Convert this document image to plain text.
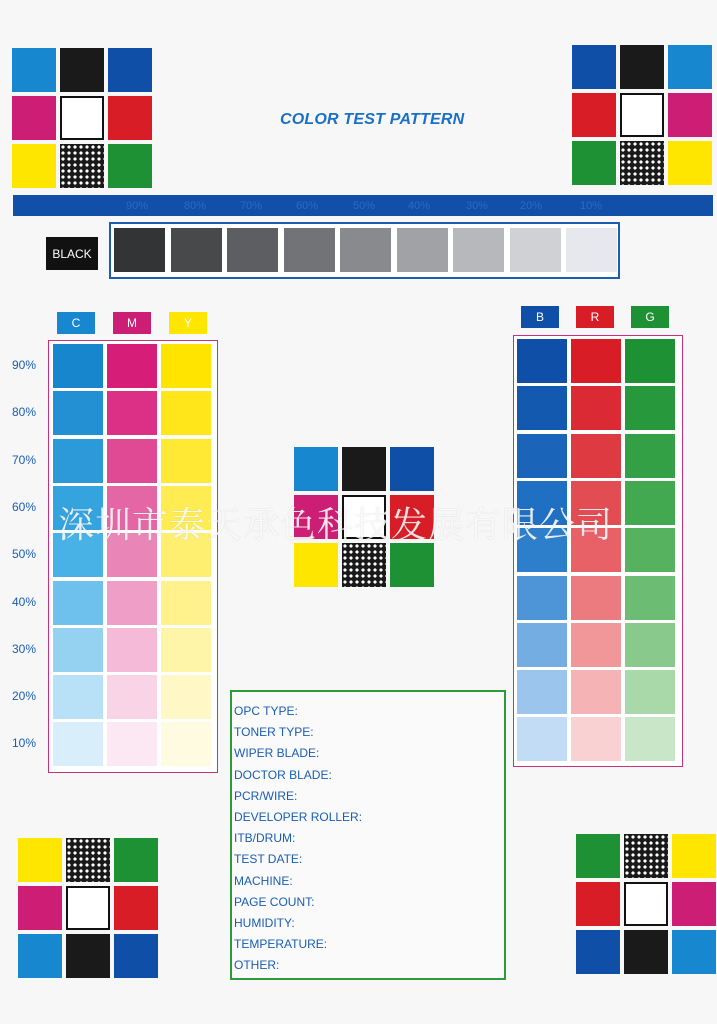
COLOR TEST PATTERN
90%	80%	70%	60%	50%	40%	30%	20%	10%
BLACK
C	M	Y
90%
80%
70%
60%
50%
40%
30%
20%
10%
B	R	G
OPC TYPE:
TONER TYPE:
WIPER BLADE:
DOCTOR BLADE:
PCR/WIRE:
DEVELOPER ROLLER:
ITB/DRUM:
TEST DATE:
MACHINE:
PAGE COUNT:
HUMIDITY:
TEMPERATURE:
OTHER:
深圳市泰天承色科技发展有限公司
